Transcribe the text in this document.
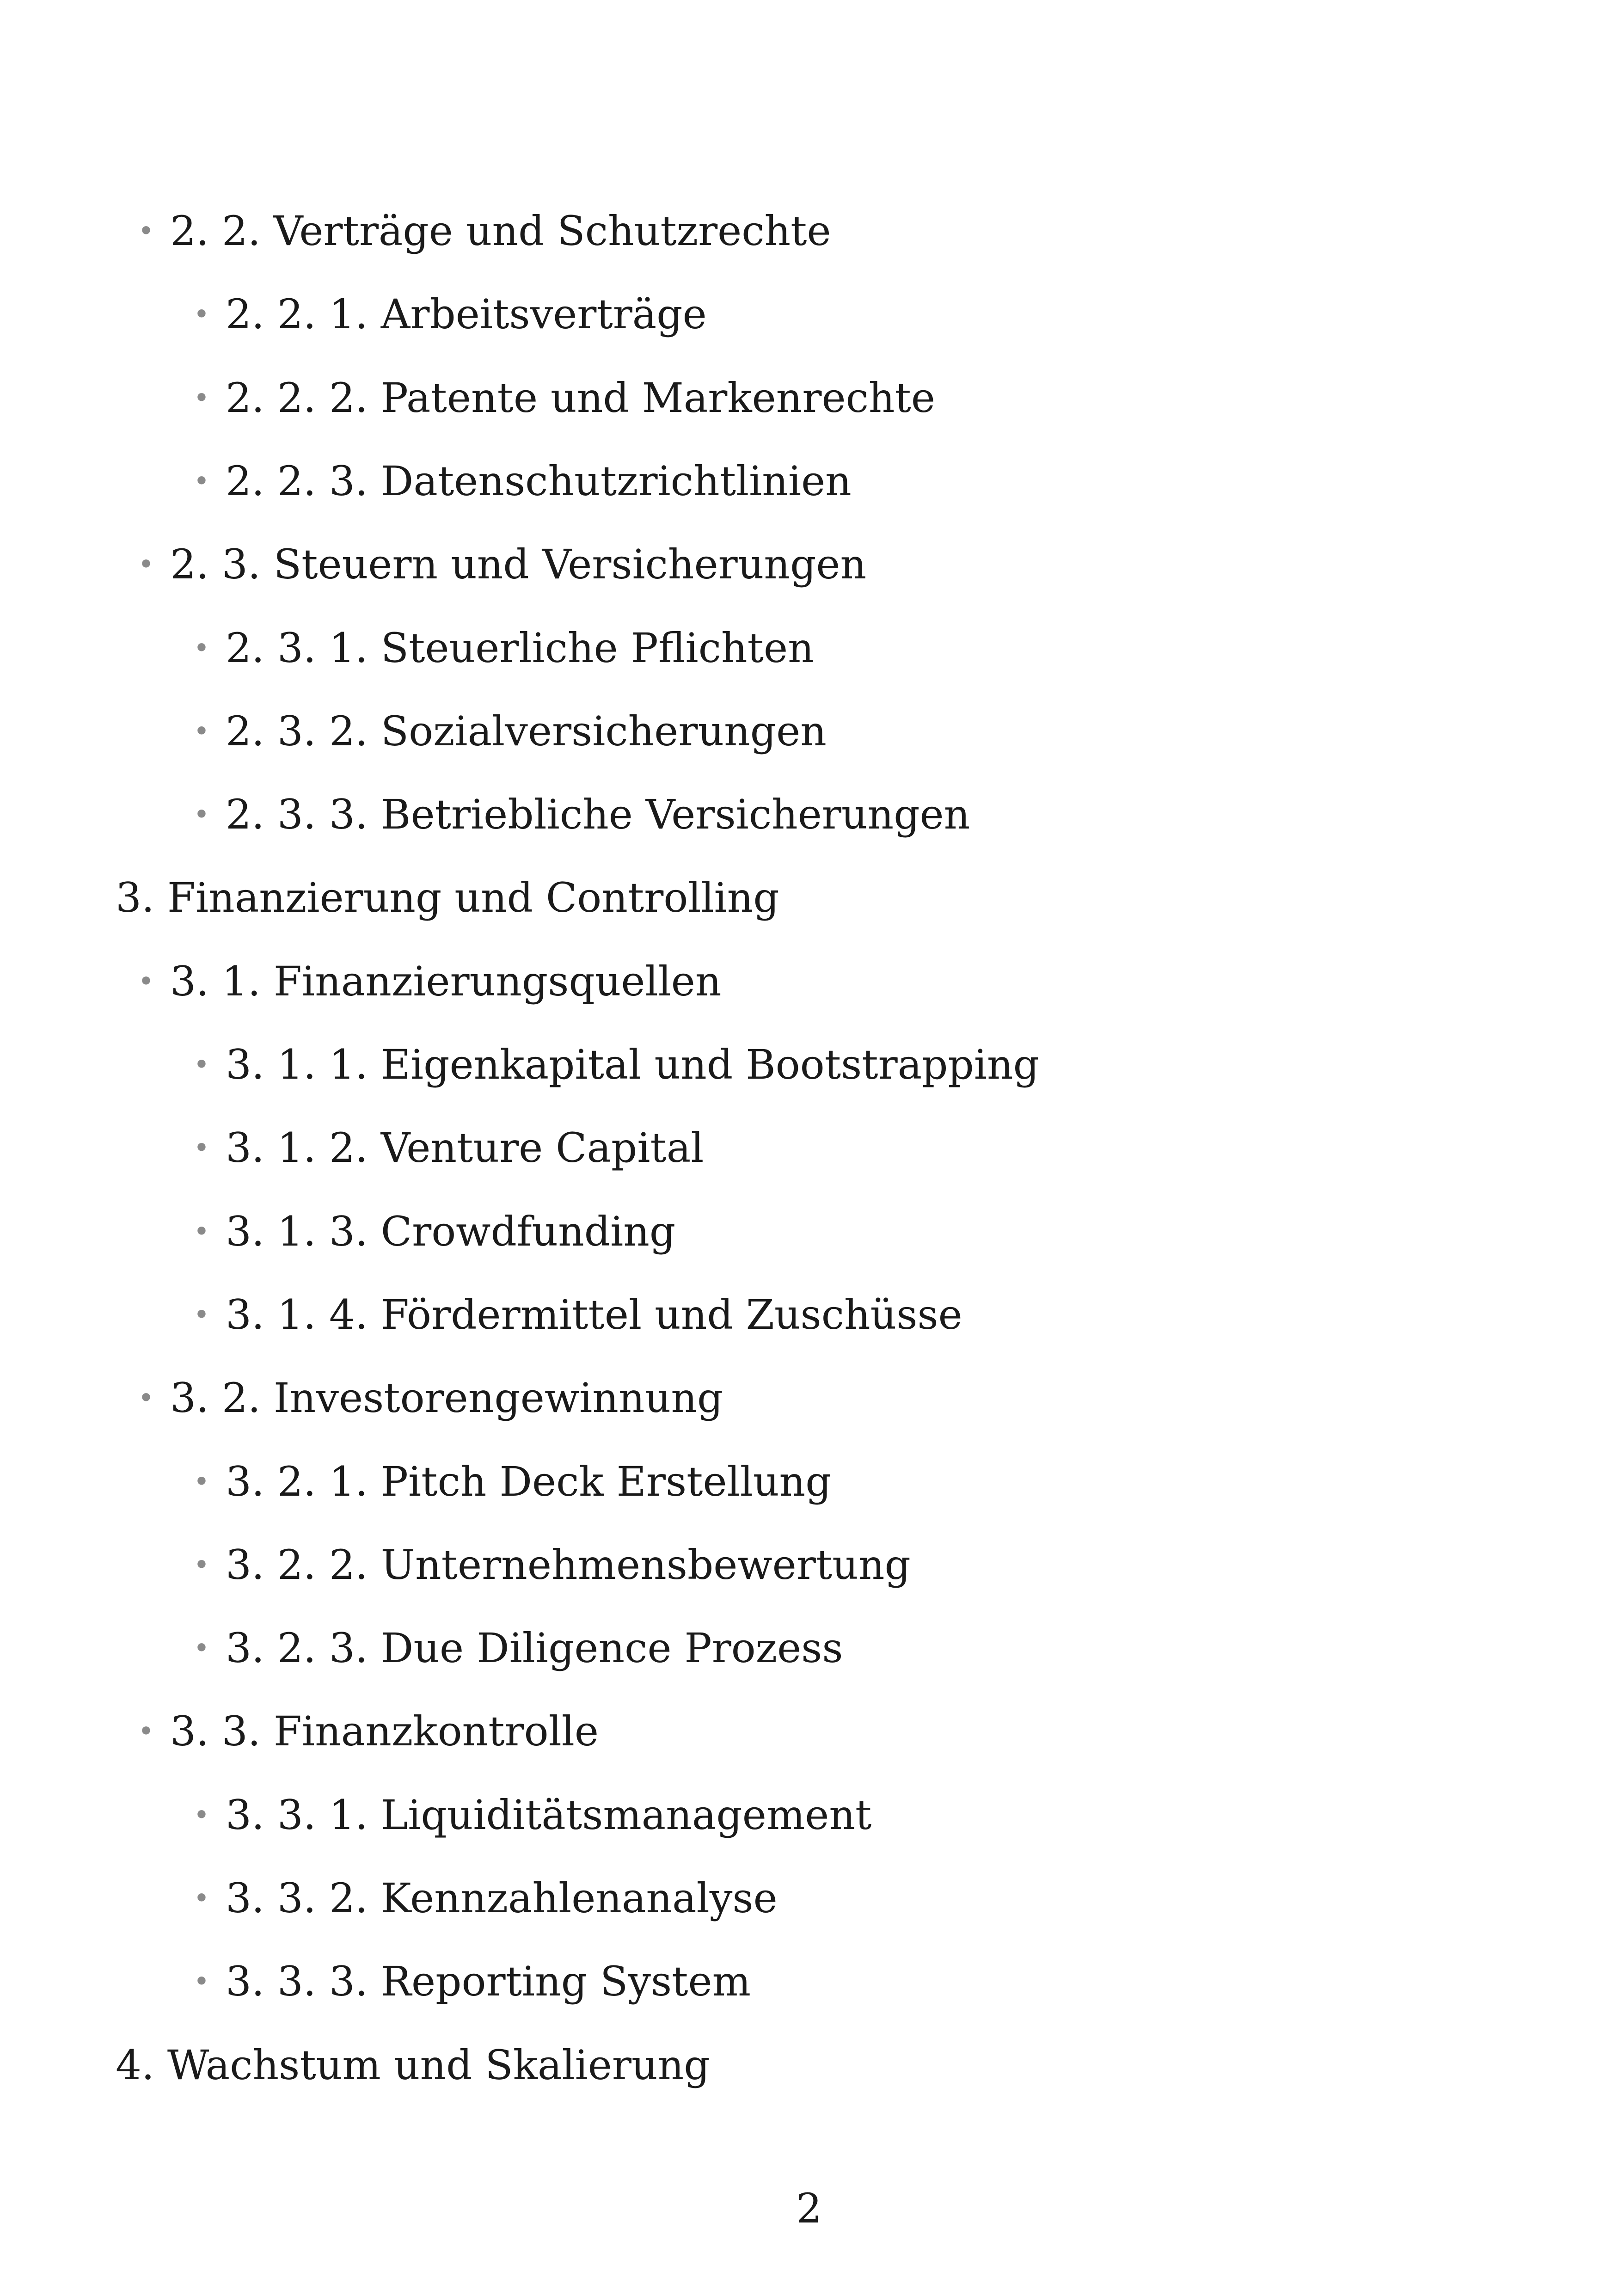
• 2. 2. Verträge und Schutzrechte
• 2. 2. 1. Arbeitsverträge
• 2. 2. 2. Patente und Markenrechte
• 2. 2. 3. Datenschutzrichtlinien
• 2. 3. Steuern und Versicherungen
• 2. 3. 1. Steuerliche Pflichten
• 2. 3. 2. Sozialversicherungen
• 2. 3. 3. Betriebliche Versicherungen
3. Finanzierung und Controlling
• 3. 1. Finanzierungsquellen
• 3. 1. 1. Eigenkapital und Bootstrapping
• 3. 1. 2. Venture Capital
• 3. 1. 3. Crowdfunding
• 3. 1. 4. Fördermittel und Zuschüsse
• 3. 2. Investorengewinnung
• 3. 2. 1. Pitch Deck Erstellung
• 3. 2. 2. Unternehmensbewertung
• 3. 2. 3. Due Diligence Prozess
• 3. 3. Finanzkontrolle
• 3. 3. 1. Liquiditätsmanagement
• 3. 3. 2. Kennzahlenanalyse
• 3. 3. 3. Reporting System
4. Wachstum und Skalierung
2
